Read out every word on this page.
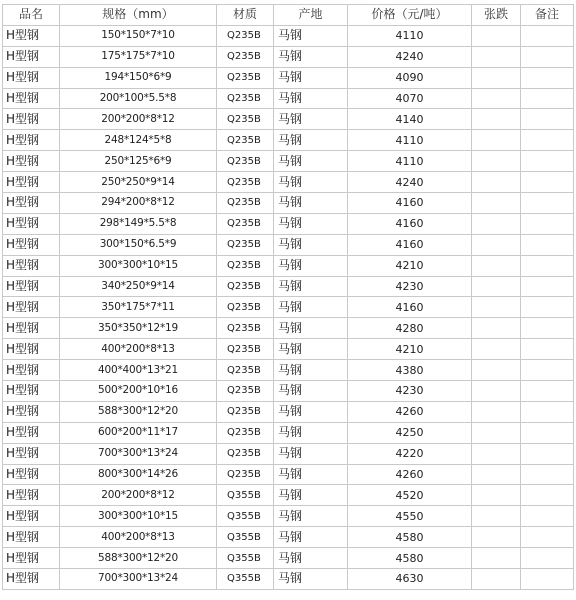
品名	规格（mm）	材质	产地	价格（元/吨）	张跌	备注
H型钢	150*150*7*10	Q235B	马钢	4110		
H型钢	175*175*7*10	Q235B	马钢	4240		
H型钢	194*150*6*9	Q235B	马钢	4090		
H型钢	200*100*5.5*8	Q235B	马钢	4070		
H型钢	200*200*8*12	Q235B	马钢	4140		
H型钢	248*124*5*8	Q235B	马钢	4110		
H型钢	250*125*6*9	Q235B	马钢	4110		
H型钢	250*250*9*14	Q235B	马钢	4240		
H型钢	294*200*8*12	Q235B	马钢	4160		
H型钢	298*149*5.5*8	Q235B	马钢	4160		
H型钢	300*150*6.5*9	Q235B	马钢	4160		
H型钢	300*300*10*15	Q235B	马钢	4210		
H型钢	340*250*9*14	Q235B	马钢	4230		
H型钢	350*175*7*11	Q235B	马钢	4160		
H型钢	350*350*12*19	Q235B	马钢	4280		
H型钢	400*200*8*13	Q235B	马钢	4210		
H型钢	400*400*13*21	Q235B	马钢	4380		
H型钢	500*200*10*16	Q235B	马钢	4230		
H型钢	588*300*12*20	Q235B	马钢	4260		
H型钢	600*200*11*17	Q235B	马钢	4250		
H型钢	700*300*13*24	Q235B	马钢	4220		
H型钢	800*300*14*26	Q235B	马钢	4260		
H型钢	200*200*8*12	Q355B	马钢	4520		
H型钢	300*300*10*15	Q355B	马钢	4550		
H型钢	400*200*8*13	Q355B	马钢	4580		
H型钢	588*300*12*20	Q355B	马钢	4580		
H型钢	700*300*13*24	Q355B	马钢	4630		
